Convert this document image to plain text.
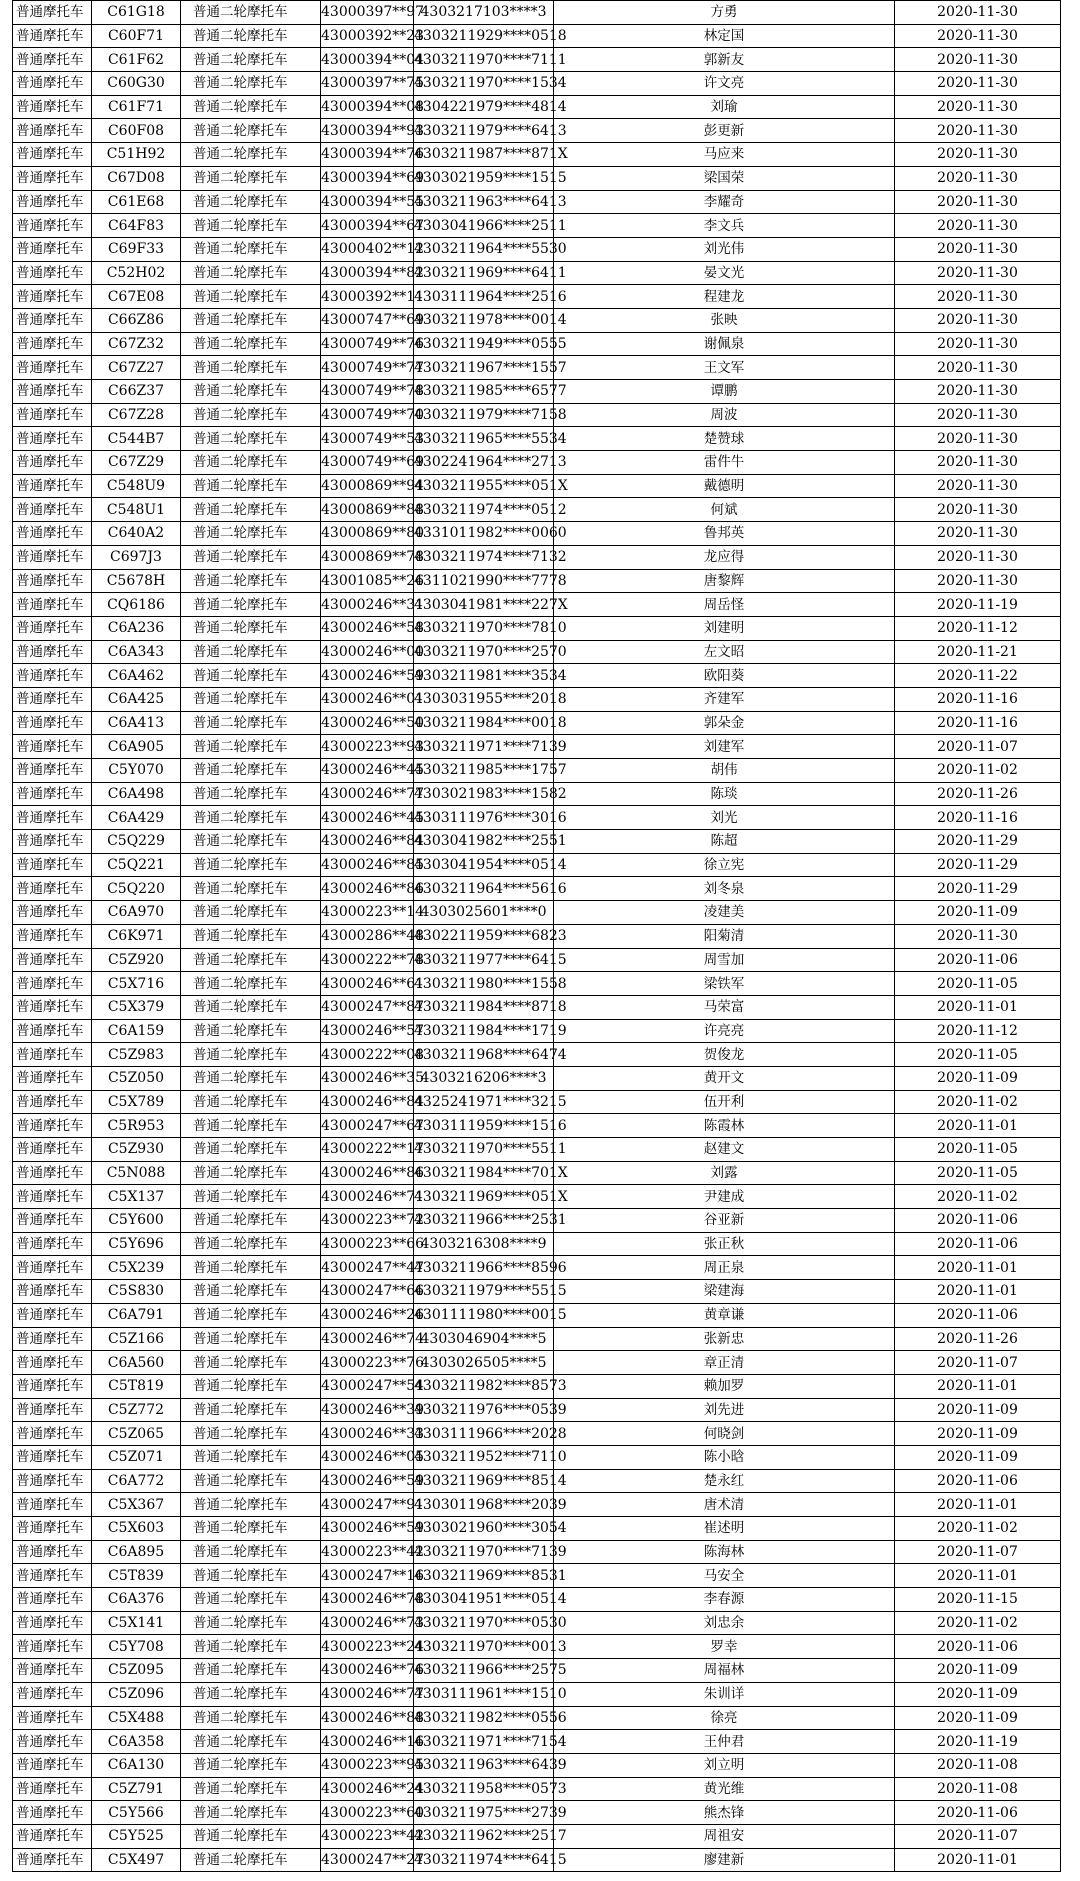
普通摩托车	C61G18	普通二轮摩托车	43000397**97	4303217103****3	方勇	2020-11-30
普通摩托车	C60F71	普通二轮摩托车	43000392**23	4303211929****0518	林定国	2020-11-30
普通摩托车	C61F62	普通二轮摩托车	43000394**04	4303211970****7111	郭新友	2020-11-30
普通摩托车	C60G30	普通二轮摩托车	43000397**75	4303211970****1534	许文亮	2020-11-30
普通摩托车	C61F71	普通二轮摩托车	43000394**08	4304221979****4814	刘瑜	2020-11-30
普通摩托车	C60F08	普通二轮摩托车	43000394**93	4303211979****6413	彭更新	2020-11-30
普通摩托车	C51H92	普通二轮摩托车	43000394**76	4303211987****871X	马应来	2020-11-30
普通摩托车	C67D08	普通二轮摩托车	43000394**69	4303021959****1515	梁国荣	2020-11-30
普通摩托车	C61E68	普通二轮摩托车	43000394**55	4303211963****6413	李耀奇	2020-11-30
普通摩托车	C64F83	普通二轮摩托车	43000394**67	4303041966****2511	李文兵	2020-11-30
普通摩托车	C69F33	普通二轮摩托车	43000402**12	4303211964****5530	刘光伟	2020-11-30
普通摩托车	C52H02	普通二轮摩托车	43000394**82	4303211969****6411	晏文光	2020-11-30
普通摩托车	C67E08	普通二轮摩托车	43000392**11	4303111964****2516	程建龙	2020-11-30
普通摩托车	C66Z86	普通二轮摩托车	43000747**69	4303211978****0014	张映	2020-11-30
普通摩托车	C67Z32	普通二轮摩托车	43000749**76	4303211949****0555	谢佩泉	2020-11-30
普通摩托车	C67Z27	普通二轮摩托车	43000749**77	4303211967****1557	王文军	2020-11-30
普通摩托车	C66Z37	普通二轮摩托车	43000749**78	4303211985****6577	谭鹏	2020-11-30
普通摩托车	C67Z28	普通二轮摩托车	43000749**70	4303211979****7158	周波	2020-11-30
普通摩托车	C544B7	普通二轮摩托车	43000749**53	4303211965****5534	楚赞球	2020-11-30
普通摩托车	C67Z29	普通二轮摩托车	43000749**69	4302241964****2713	雷件牛	2020-11-30
普通摩托车	C548U9	普通二轮摩托车	43000869**94	4303211955****051X	戴德明	2020-11-30
普通摩托车	C548U1	普通二轮摩托车	43000869**88	4303211974****0512	何斌	2020-11-30
普通摩托车	C640A2	普通二轮摩托车	43000869**80	4331011982****0060	鲁邦英	2020-11-30
普通摩托车	C697J3	普通二轮摩托车	43000869**78	4303211974****7132	龙应得	2020-11-30
普通摩托车	C5678H	普通二轮摩托车	43001085**26	4311021990****7778	唐黎辉	2020-11-30
普通摩托车	CQ6186	普通二轮摩托车	43000246**31	4303041981****227X	周岳怪	2020-11-19
普通摩托车	C6A236	普通二轮摩托车	43000246**58	4303211970****7810	刘建明	2020-11-12
普通摩托车	C6A343	普通二轮摩托车	43000246**00	4303211970****2570	左文昭	2020-11-21
普通摩托车	C6A462	普通二轮摩托车	43000246**59	4303211981****3534	欧阳葵	2020-11-22
普通摩托车	C6A425	普通二轮摩托车	43000246**01	4303031955****2018	齐建军	2020-11-16
普通摩托车	C6A413	普通二轮摩托车	43000246**50	4303211984****0018	郭朵金	2020-11-16
普通摩托车	C6A905	普通二轮摩托车	43000223**93	4303211971****7139	刘建军	2020-11-07
普通摩托车	C5Y070	普通二轮摩托车	43000246**45	4303211985****1757	胡伟	2020-11-02
普通摩托车	C6A498	普通二轮摩托车	43000246**77	4303021983****1582	陈琰	2020-11-26
普通摩托车	C6A429	普通二轮摩托车	43000246**45	4303111976****3016	刘光	2020-11-16
普通摩托车	C5Q229	普通二轮摩托车	43000246**84	4303041982****2551	陈超	2020-11-29
普通摩托车	C5Q221	普通二轮摩托车	43000246**85	4303041954****0514	徐立宪	2020-11-29
普通摩托车	C5Q220	普通二轮摩托车	43000246**86	4303211964****5616	刘冬泉	2020-11-29
普通摩托车	C6A970	普通二轮摩托车	43000223**14	4303025601****0	凌建美	2020-11-09
普通摩托车	C6K971	普通二轮摩托车	43000286**48	4302211959****6823	阳菊清	2020-11-30
普通摩托车	C5Z920	普通二轮摩托车	43000222**78	4303211977****6415	周雪加	2020-11-06
普通摩托车	C5X716	普通二轮摩托车	43000246**61	4303211980****1558	梁铁军	2020-11-05
普通摩托车	C5X379	普通二轮摩托车	43000247**87	4303211984****8718	马荣富	2020-11-01
普通摩托车	C6A159	普通二轮摩托车	43000246**57	4303211984****1719	许亮亮	2020-11-12
普通摩托车	C5Z983	普通二轮摩托车	43000222**08	4303211968****6474	贺俊龙	2020-11-05
普通摩托车	C5Z050	普通二轮摩托车	43000246**35	4303216206****3	黄开文	2020-11-09
普通摩托车	C5X789	普通二轮摩托车	43000246**84	4325241971****3215	伍开利	2020-11-02
普通摩托车	C5R953	普通二轮摩托车	43000247**67	4303111959****1516	陈霞林	2020-11-01
普通摩托车	C5Z930	普通二轮摩托车	43000222**17	4303211970****5511	赵建文	2020-11-05
普通摩托车	C5N088	普通二轮摩托车	43000246**86	4303211984****701X	刘露	2020-11-05
普通摩托车	C5X137	普通二轮摩托车	43000246**71	4303211969****051X	尹建成	2020-11-02
普通摩托车	C5Y600	普通二轮摩托车	43000223**72	4303211966****2531	谷亚新	2020-11-06
普通摩托车	C5Y696	普通二轮摩托车	43000223**66	4303216308****9	张正秋	2020-11-06
普通摩托车	C5X239	普通二轮摩托车	43000247**47	4303211966****8596	周正泉	2020-11-01
普通摩托车	C5S830	普通二轮摩托车	43000247**66	4303211979****5515	梁建海	2020-11-01
普通摩托车	C6A791	普通二轮摩托车	43000246**26	4301111980****0015	黄章谦	2020-11-06
普通摩托车	C5Z166	普通二轮摩托车	43000246**74	4303046904****5	张新忠	2020-11-26
普通摩托车	C6A560	普通二轮摩托车	43000223**76	4303026505****5	章正清	2020-11-07
普通摩托车	C5T819	普通二轮摩托车	43000247**54	4303211982****8573	赖加罗	2020-11-01
普通摩托车	C5Z772	普通二轮摩托车	43000246**39	4303211976****0539	刘先进	2020-11-09
普通摩托车	C5Z065	普通二轮摩托车	43000246**33	4303111966****2028	何晓剑	2020-11-09
普通摩托车	C5Z071	普通二轮摩托车	43000246**05	4303211952****7110	陈小晗	2020-11-09
普通摩托车	C6A772	普通二轮摩托车	43000246**59	4303211969****8514	楚永红	2020-11-06
普通摩托车	C5X367	普通二轮摩托车	43000247**91	4303011968****2039	唐术清	2020-11-01
普通摩托车	C5X603	普通二轮摩托车	43000246**59	4303021960****3054	崔述明	2020-11-02
普通摩托车	C6A895	普通二轮摩托车	43000223**42	4303211970****7139	陈海林	2020-11-07
普通摩托车	C5T839	普通二轮摩托车	43000247**16	4303211969****8531	马安全	2020-11-01
普通摩托车	C6A376	普通二轮摩托车	43000246**78	4303041951****0514	李春源	2020-11-15
普通摩托车	C5X141	普通二轮摩托车	43000246**73	4303211970****0530	刘忠余	2020-11-02
普通摩托车	C5Y708	普通二轮摩托车	43000223**24	4303211970****0013	罗幸	2020-11-06
普通摩托车	C5Z095	普通二轮摩托车	43000246**76	4303211966****2575	周福林	2020-11-09
普通摩托车	C5Z096	普通二轮摩托车	43000246**77	4303111961****1510	朱训详	2020-11-09
普通摩托车	C5X488	普通二轮摩托车	43000246**88	4303211982****0556	徐亮	2020-11-09
普通摩托车	C6A358	普通二轮摩托车	43000246**16	4303211971****7154	王仲君	2020-11-19
普通摩托车	C6A130	普通二轮摩托车	43000223**95	4303211963****6439	刘立明	2020-11-08
普通摩托车	C5Z791	普通二轮摩托车	43000246**24	4303211958****0573	黄光维	2020-11-08
普通摩托车	C5Y566	普通二轮摩托车	43000223**60	4303211975****2739	熊杰锋	2020-11-06
普通摩托车	C5Y525	普通二轮摩托车	43000223**42	4303211962****2517	周祖安	2020-11-07
普通摩托车	C5X497	普通二轮摩托车	43000247**27	4303211974****6415	廖建新	2020-11-01
